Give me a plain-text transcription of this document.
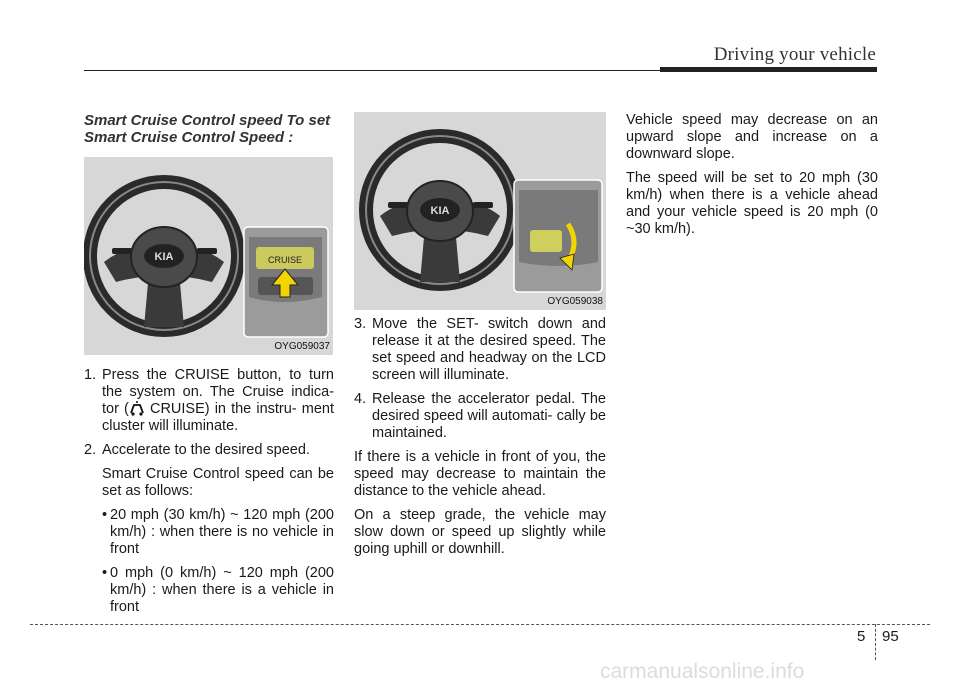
Driving your vehicle
Smart Cruise Control speed To set Smart Cruise Control Speed :
KIA	CRUISE
OYG059037
KIA
OYG059038
1. Press the CRUISE button, to turn the system on. The Cruise indica- tor ( CRUISE) in the instru- ment cluster will illuminate.
2. Accelerate to the desired speed.
Smart Cruise Control speed can be set as follows:
• 20 mph (30 km/h) ~ 120 mph (200 km/h) : when there is no vehicle in front
• 0 mph (0 km/h) ~ 120 mph (200 km/h) : when there is a vehicle in front
3. Move the SET- switch down and release it at the desired speed. The set speed and headway on the LCD screen will illuminate.
4. Release the accelerator pedal. The desired speed will automati- cally be maintained.

If there is a vehicle in front of you, the speed may decrease to maintain the distance to the vehicle ahead.

On a steep grade, the vehicle may slow down or speed up slightly while going uphill or downhill.

Vehicle speed may decrease on an upward slope and increase on a downward slope.

The speed will be set to 20 mph (30 km/h) when there is a vehicle ahead and your vehicle speed is 20 mph (0 ~30 km/h).

5 95
carmanualsonline.info
